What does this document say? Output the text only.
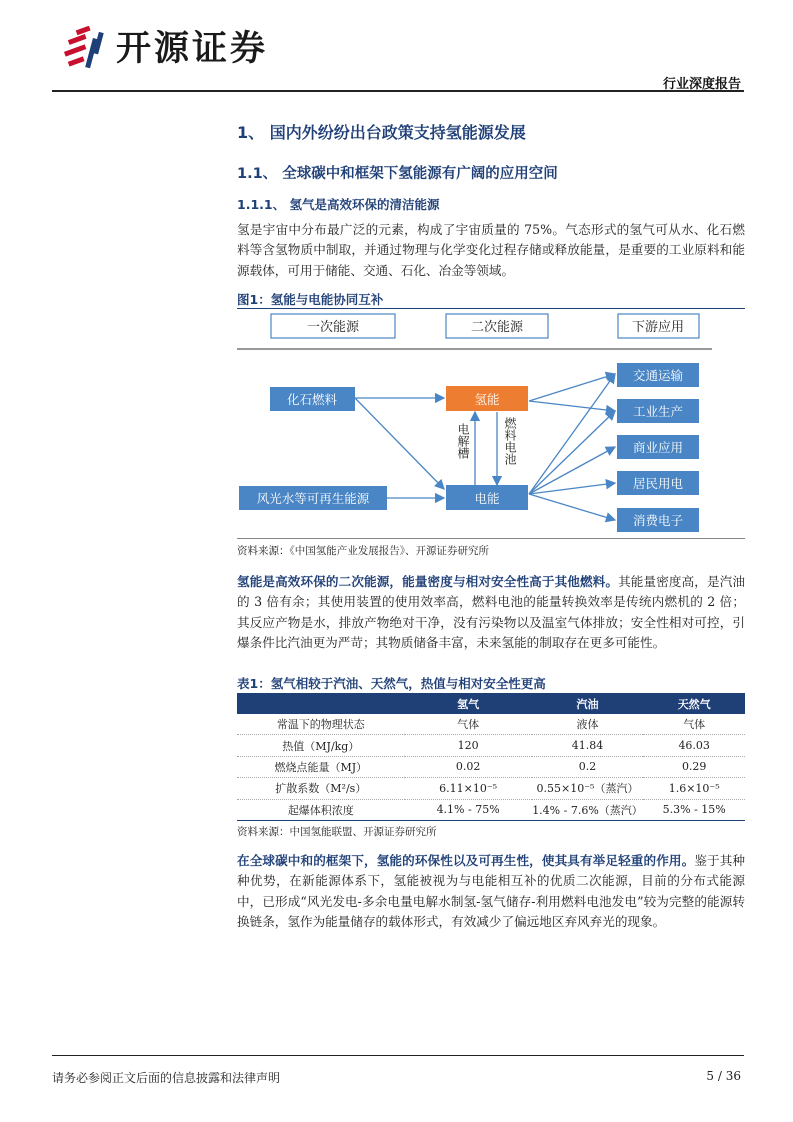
开源证券
行业深度报告
1、 国内外纷纷出台政策支持氢能源发展
1.1、 全球碳中和框架下氢能源有广阔的应用空间
1.1.1、 氢气是高效环保的清洁能源
氢是宇宙中分布最广泛的元素，构成了宇宙质量的 75%。气态形式的氢气可从水、化石燃料等含氢物质中制取，并通过物理与化学变化过程存储或释放能量，是重要的工业原料和能源载体，可用于储能、交通、石化、冶金等领域。
图1：氢能与电能协同互补
一次能源	二次能源	下游应用
化石燃料
风光水等可再生能源
氢能
电能
电解槽	燃料电池
交通运输
工业生产
商业应用
居民用电
消费电子
资料来源：《中国氢能产业发展报告》、开源证券研究所
氢能是高效环保的二次能源，能量密度与相对安全性高于其他燃料。其能量密度高，是汽油的 3 倍有余；其使用装置的使用效率高，燃料电池的能量转换效率是传统内燃机的 2 倍；其反应产物是水，排放产物绝对干净，没有污染物以及温室气体排放；安全性相对可控，引爆条件比汽油更为严苛；其物质储备丰富，未来氢能的制取存在更多可能性。
表1：氢气相较于汽油、天然气，热值与相对安全性更高
	氢气	汽油	天然气
常温下的物理状态	气体	液体	气体
热值（MJ/kg）	120	41.84	46.03
燃烧点能量（MJ）	0.02	0.2	0.29
扩散系数（M²/s）	6.11×10⁻⁵	0.55×10⁻⁵（蒸汽）	1.6×10⁻⁵
起爆体积浓度	4.1% - 75%	1.4% - 7.6%（蒸汽）	5.3% - 15%
资料来源：中国氢能联盟、开源证券研究所
在全球碳中和的框架下，氢能的环保性以及可再生性，使其具有举足轻重的作用。鉴于其种种优势，在新能源体系下，氢能被视为与电能相互补的优质二次能源，目前的分布式能源中，已形成“风光发电-多余电量电解水制氢-氢气储存-利用燃料电池发电”较为完整的能源转换链条，氢作为能量储存的载体形式，有效减少了偏远地区弃风弃光的现象。
请务必参阅正文后面的信息披露和法律声明	5 / 36
